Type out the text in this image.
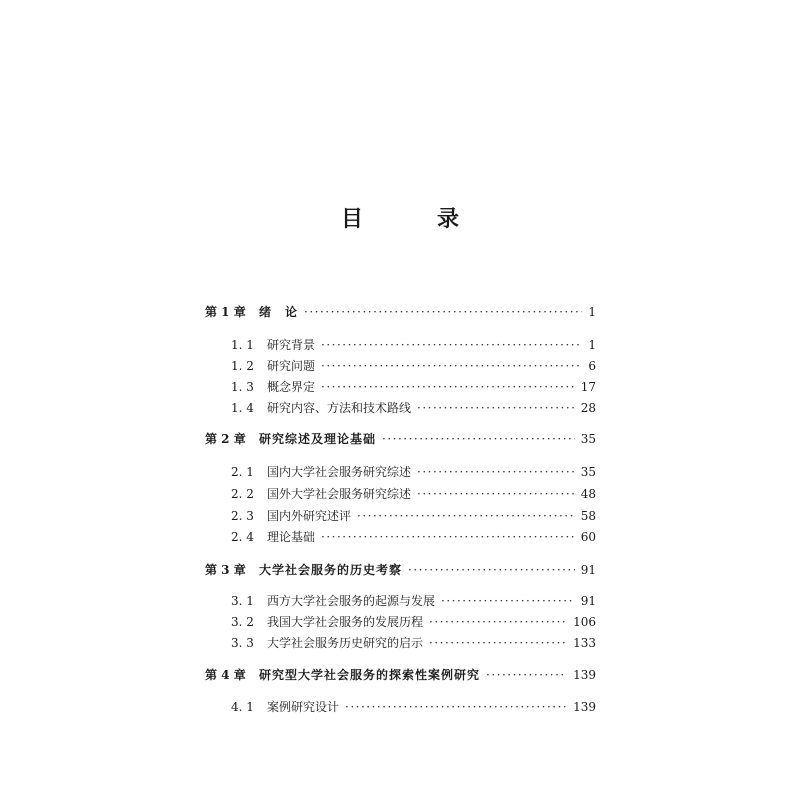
目　录
第 1 章	绪　论 ·····	1
1. 1	研究背景 ·····	1
1. 2	研究问题 ·····	6
1. 3	概念界定 ·····	17
1. 4	研究内容、方法和技术路线 ·····	28
第 2 章	研究综述及理论基础 ·····	35
2. 1	国内大学社会服务研究综述 ·····	35
2. 2	国外大学社会服务研究综述 ·····	48
2. 3	国内外研究述评 ·····	58
2. 4	理论基础 ·····	60
第 3 章	大学社会服务的历史考察 ·····	91
3. 1	西方大学社会服务的起源与发展 ·····	91
3. 2	我国大学社会服务的发展历程 ·····	106
3. 3	大学社会服务历史研究的启示 ·····	133
第 4 章	研究型大学社会服务的探索性案例研究 ·····	139
4. 1	案例研究设计 ·····	139
